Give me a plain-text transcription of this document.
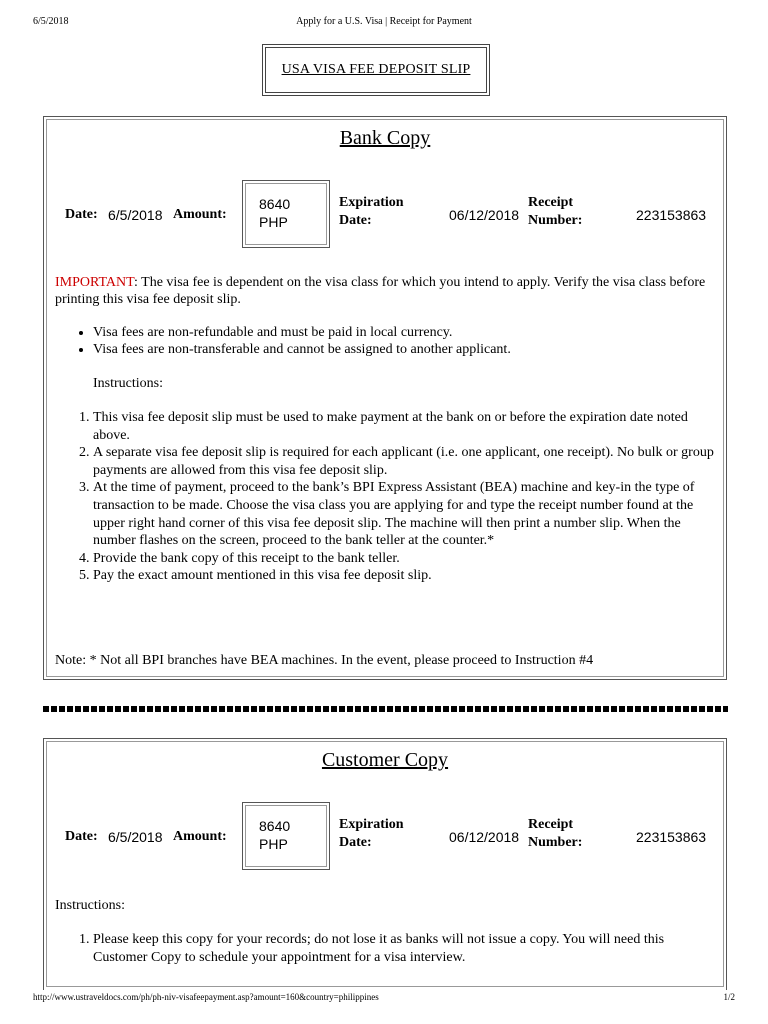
6/5/2018	Apply for a U.S. Visa | Receipt for Payment
USA VISA FEE DEPOSIT SLIP
Bank Copy
Date: 6/5/2018 Amount:
8640
PHP
Expiration
Date:	06/12/2018
Receipt
Number:	223153863
IMPORTANT: The visa fee is dependent on the visa class for which you intend to apply. Verify the visa class before printing this visa fee deposit slip.
• Visa fees are non-refundable and must be paid in local currency.
• Visa fees are non-transferable and cannot be assigned to another applicant.
Instructions:
1. This visa fee deposit slip must be used to make payment at the bank on or before the expiration date noted above.
2. A separate visa fee deposit slip is required for each applicant (i.e. one applicant, one receipt). No bulk or group payments are allowed from this visa fee deposit slip.
3. At the time of payment, proceed to the bank’s BPI Express Assistant (BEA) machine and key-in the type of transaction to be made. Choose the visa class you are applying for and type the receipt number found at the upper right hand corner of this visa fee deposit slip. The machine will then print a number slip. When the number flashes on the screen, proceed to the bank teller at the counter.*
4. Provide the bank copy of this receipt to the bank teller.
5. Pay the exact amount mentioned in this visa fee deposit slip.
Note: * Not all BPI branches have BEA machines. In the event, please proceed to Instruction #4
Customer Copy
Date: 6/5/2018 Amount:
8640
PHP
Expiration
Date:	06/12/2018
Receipt
Number:	223153863
Instructions:
1. Please keep this copy for your records; do not lose it as banks will not issue a copy. You will need this Customer Copy to schedule your appointment for a visa interview.
http://www.ustraveldocs.com/ph/ph-niv-visafeepayment.asp?amount=160&country=philippines	1/2
